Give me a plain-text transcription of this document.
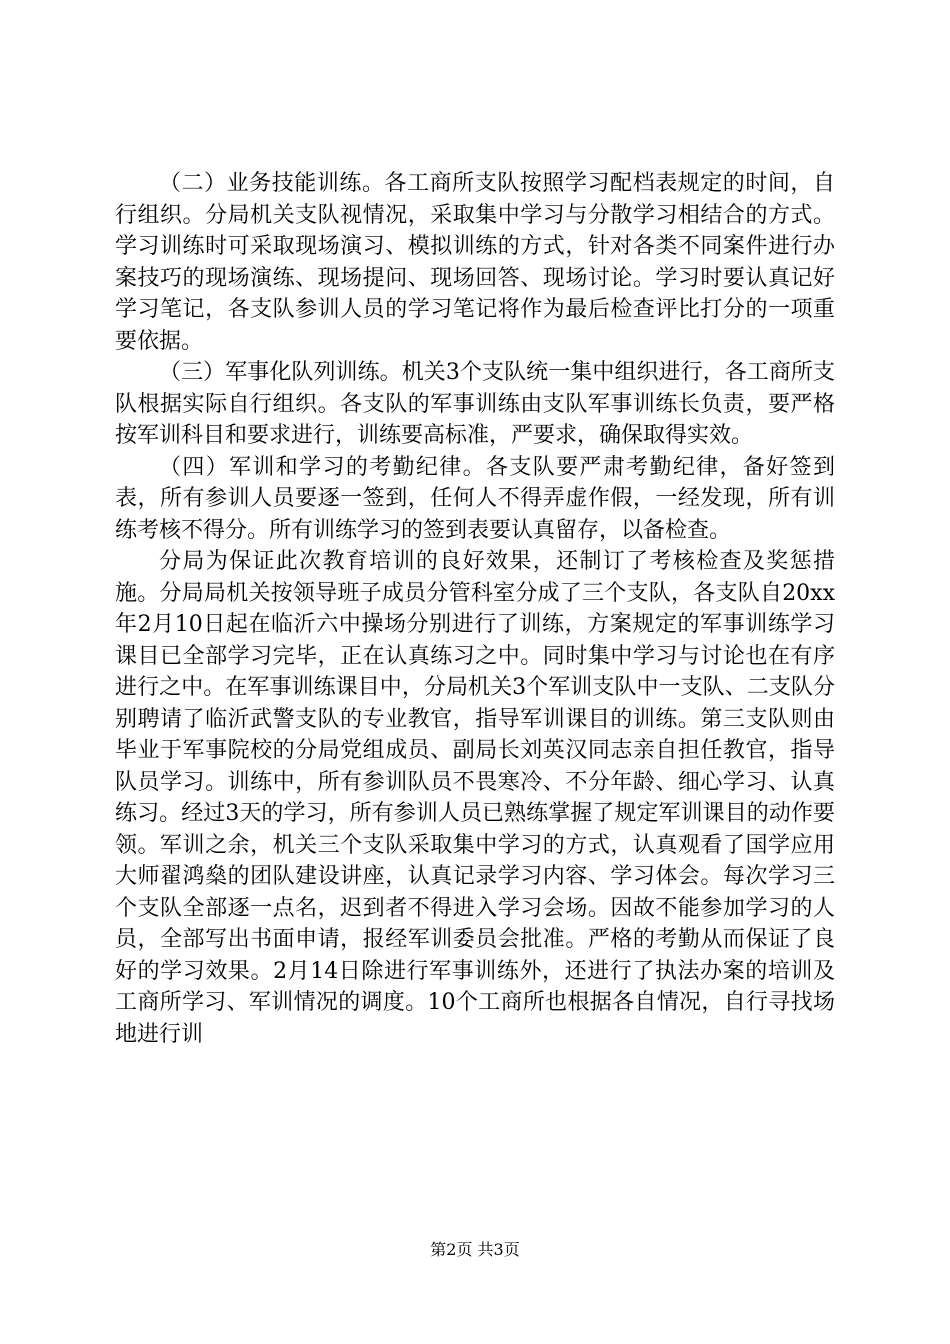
（二）业务技能训练。各工商所支队按照学习配档表规定的时间，自行组织。分局机关支队视情况，采取集中学习与分散学习相结合的方式。学习训练时可采取现场演习、模拟训练的方式，针对各类不同案件进行办案技巧的现场演练、现场提问、现场回答、现场讨论。学习时要认真记好学习笔记，各支队参训人员的学习笔记将作为最后检查评比打分的一项重要依据。

（三）军事化队列训练。机关3个支队统一集中组织进行，各工商所支队根据实际自行组织。各支队的军事训练由支队军事训练长负责，要严格按军训科目和要求进行，训练要高标准，严要求，确保取得实效。

（四）军训和学习的考勤纪律。各支队要严肃考勤纪律，备好签到表，所有参训人员要逐一签到，任何人不得弄虚作假，一经发现，所有训练考核不得分。所有训练学习的签到表要认真留存，以备检查。

分局为保证此次教育培训的良好效果，还制订了考核检查及奖惩措施。分局局机关按领导班子成员分管科室分成了三个支队，各支队自20xx年2月10日起在临沂六中操场分别进行了训练，方案规定的军事训练学习课目已全部学习完毕，正在认真练习之中。同时集中学习与讨论也在有序进行之中。在军事训练课目中，分局机关3个军训支队中一支队、二支队分别聘请了临沂武警支队的专业教官，指导军训课目的训练。第三支队则由毕业于军事院校的分局党组成员、副局长刘英汉同志亲自担任教官，指导队员学习。训练中，所有参训队员不畏寒冷、不分年龄、细心学习、认真练习。经过3天的学习，所有参训人员已熟练掌握了规定军训课目的动作要领。军训之余，机关三个支队采取集中学习的方式，认真观看了国学应用大师翟鸿燊的团队建设讲座，认真记录学习内容、学习体会。每次学习三个支队全部逐一点名，迟到者不得进入学习会场。因故不能参加学习的人员，全部写出书面申请，报经军训委员会批准。严格的考勤从而保证了良好的学习效果。2月14日除进行军事训练外，还进行了执法办案的培训及工商所学习、军训情况的调度。10个工商所也根据各自情况，自行寻找场地进行训

第2页 共3页
